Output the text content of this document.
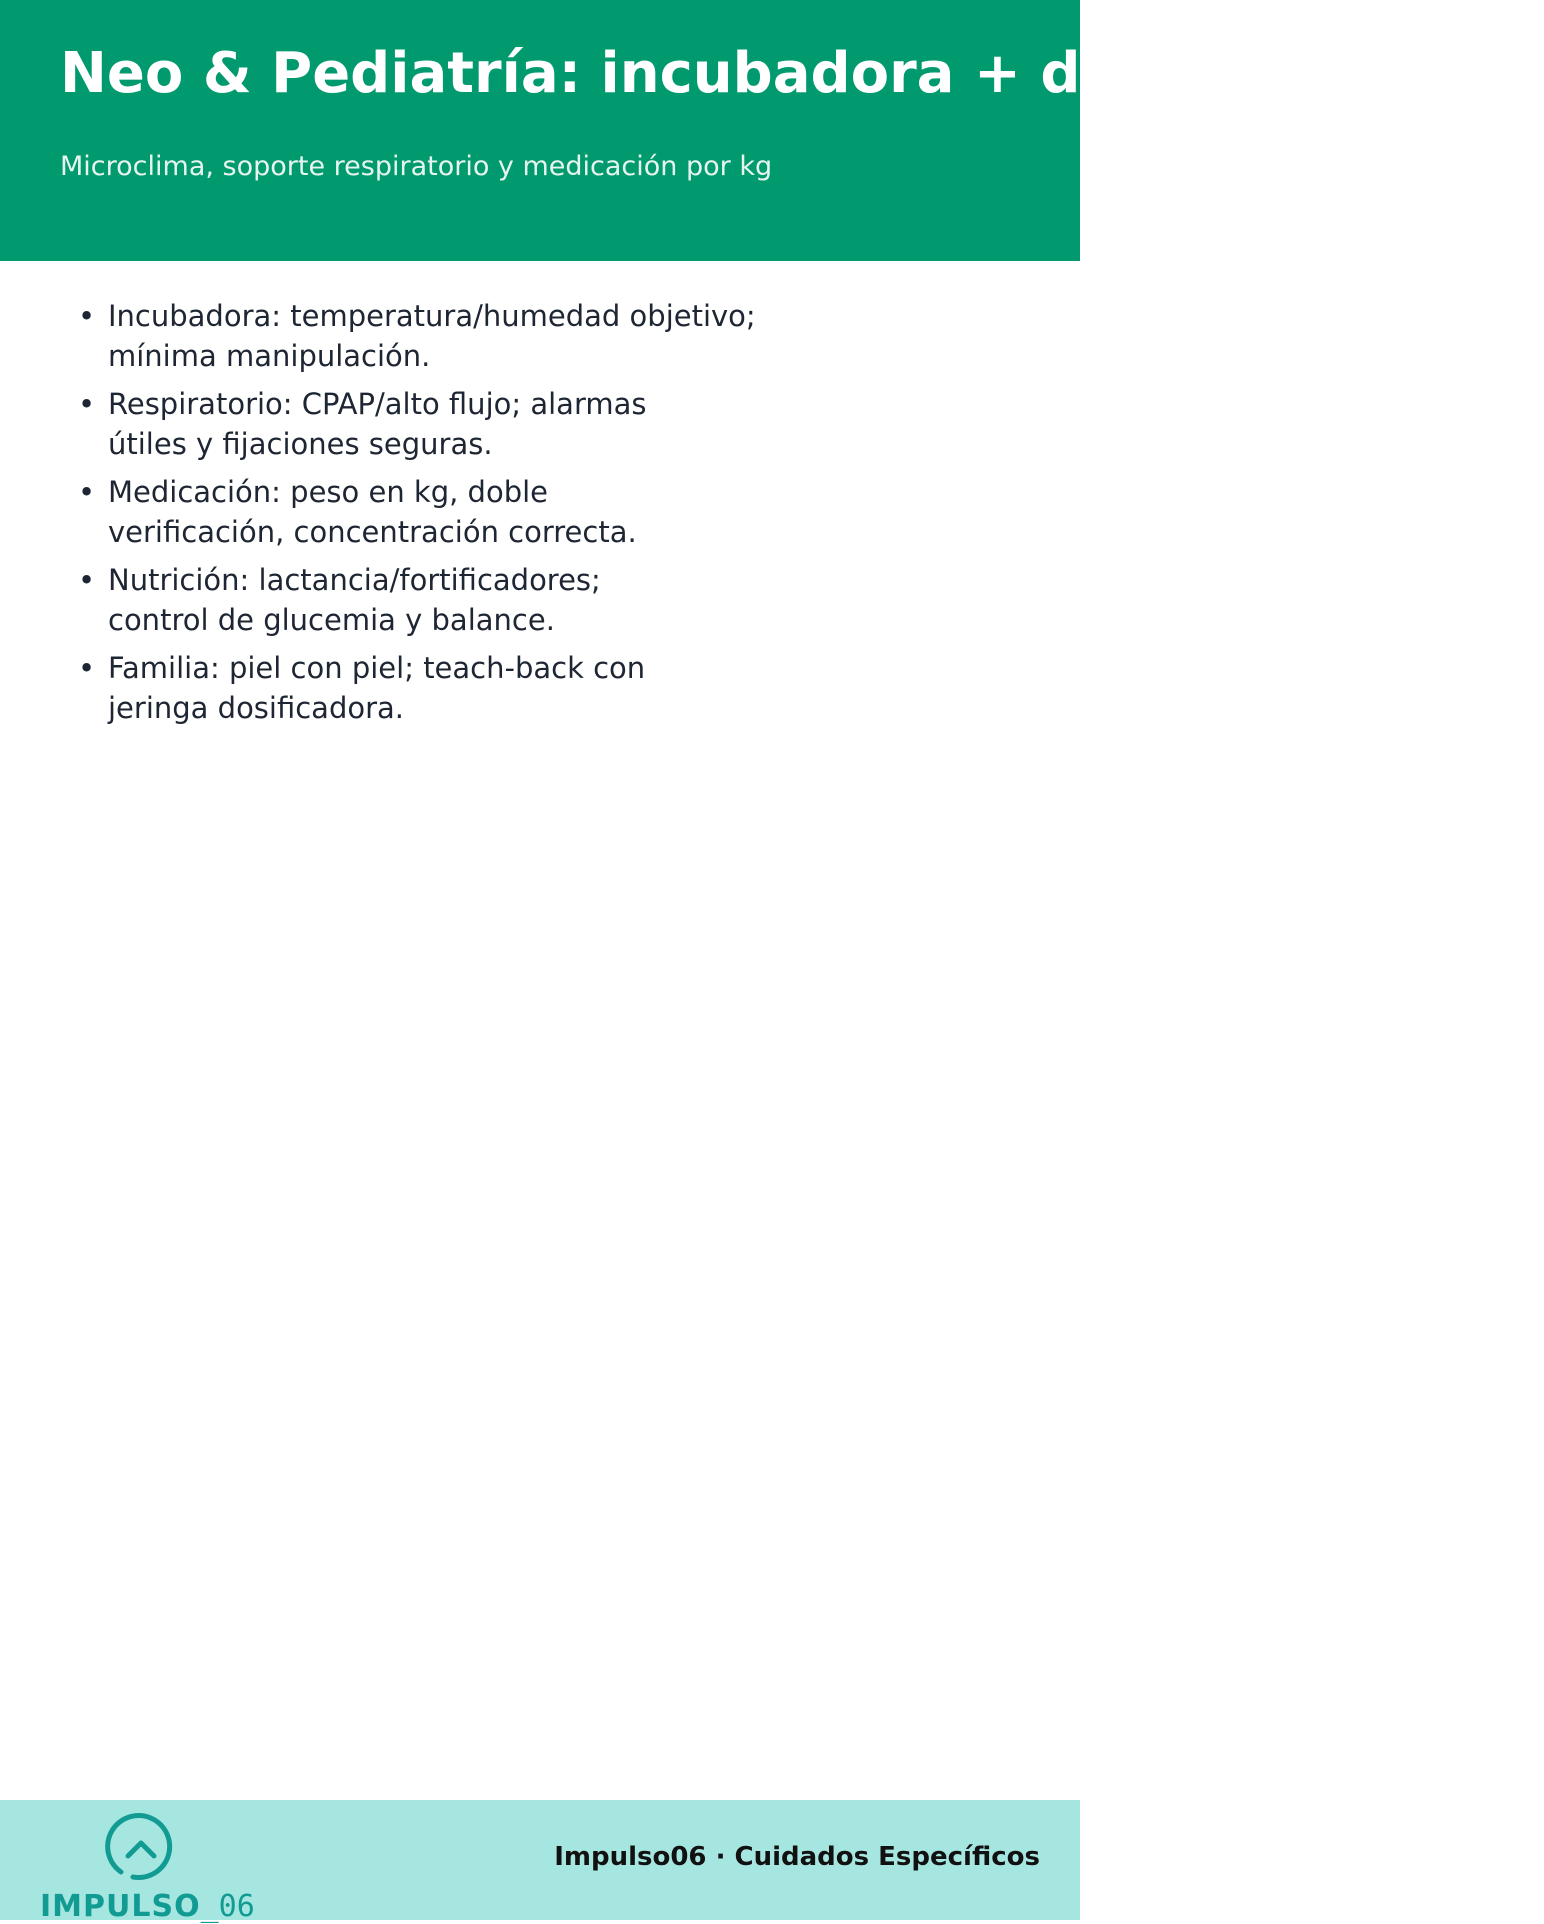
Neo & Pediatría: incubadora + dosis pediátrica

Microclima, soporte respiratorio y medicación por kg

• Incubadora: temperatura/humedad objetivo;
mínima manipulación.
• Respiratorio: CPAP/alto flujo; alarmas
útiles y fijaciones seguras.
• Medicación: peso en kg, doble
verificación, concentración correcta.
• Nutrición: lactancia/fortificadores;
control de glucemia y balance.
• Familia: piel con piel; teach-back con
jeringa dosificadora.
IMPULSO_06

Impulso06 · Cuidados Específicos
